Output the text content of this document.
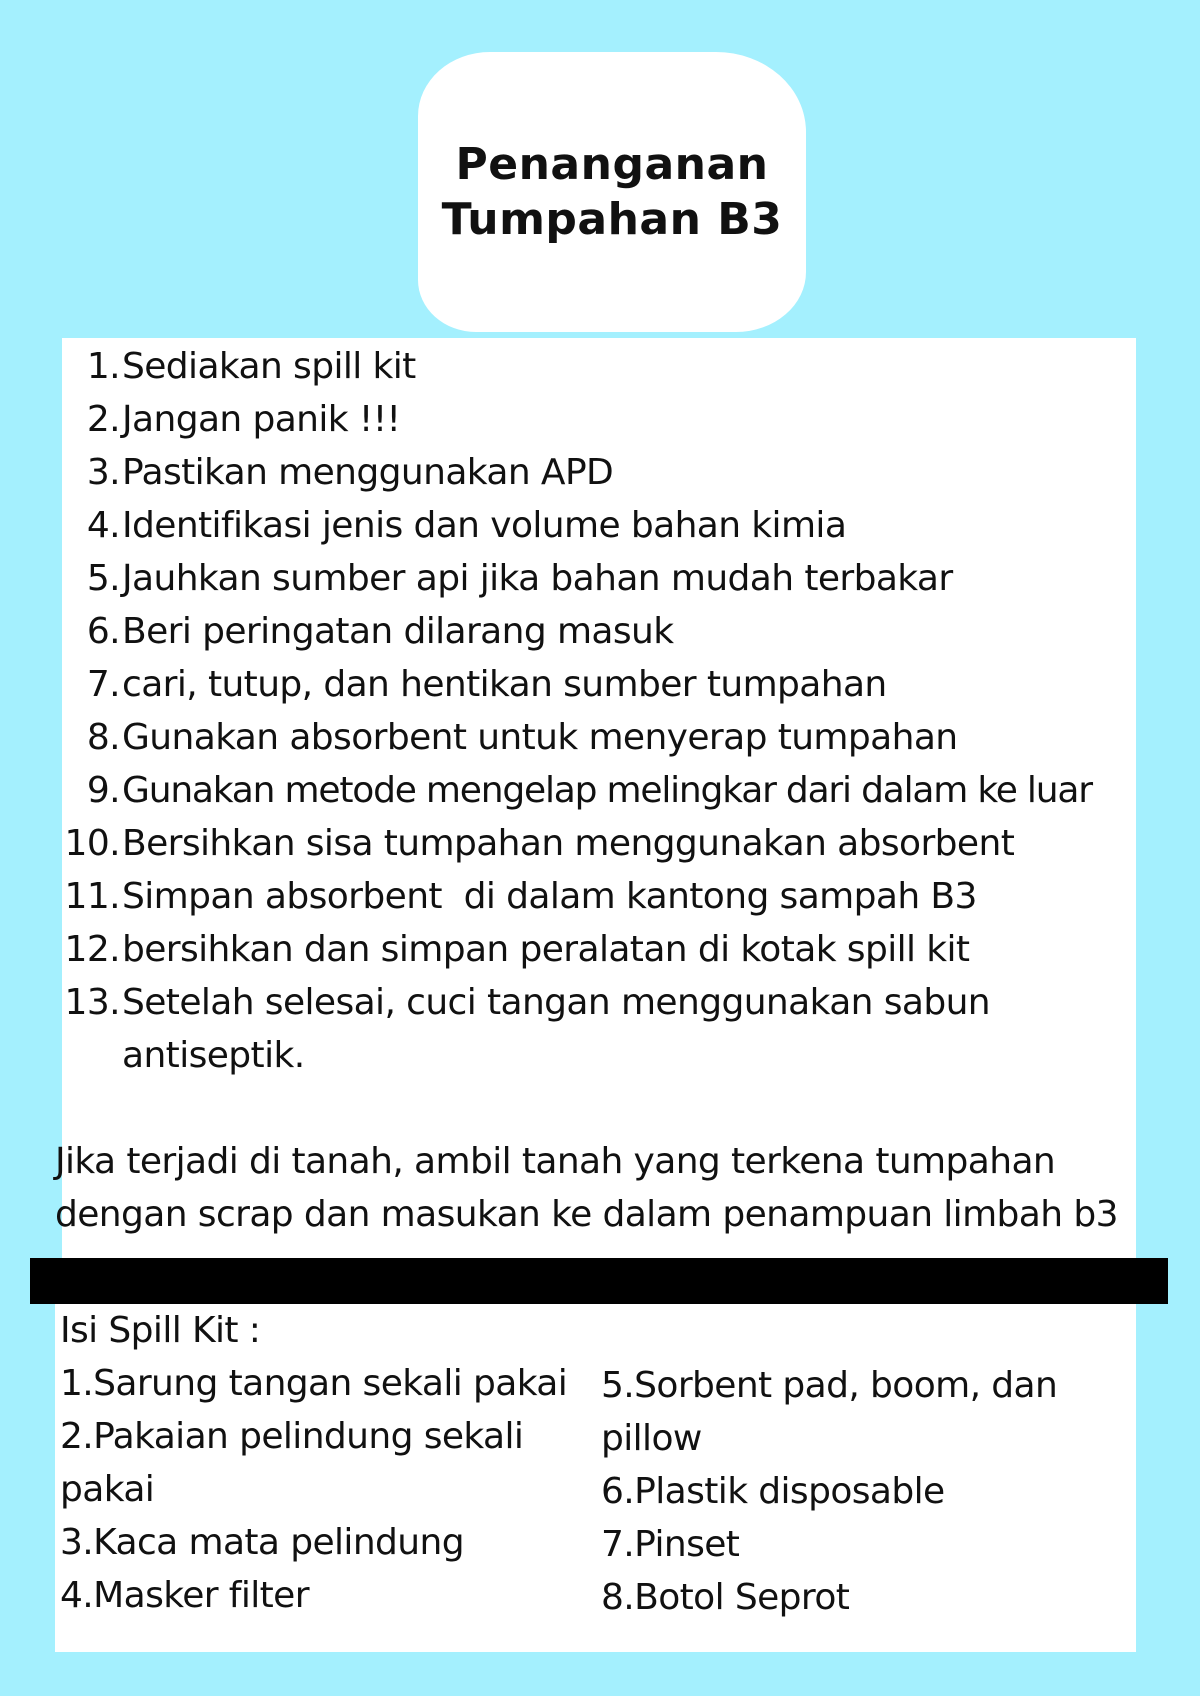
Penanganan
Tumpahan B3
1. Sediakan spill kit
2. Jangan panik !!!
3. Pastikan menggunakan APD
4. Identifikasi jenis dan volume bahan kimia
5. Jauhkan sumber api jika bahan mudah terbakar
6. Beri peringatan dilarang masuk
7. cari, tutup, dan hentikan sumber tumpahan
8. Gunakan absorbent untuk menyerap tumpahan
9. Gunakan metode mengelap melingkar dari dalam ke luar
10. Bersihkan sisa tumpahan menggunakan absorbent
11. Simpan absorbent  di dalam kantong sampah B3
12. bersihkan dan simpan peralatan di kotak spill kit
13. Setelah selesai, cuci tangan menggunakan sabun antiseptik.
Jika terjadi di tanah, ambil tanah yang terkena tumpahan dengan scrap dan masukan ke dalam penampuan limbah b3
Isi Spill Kit :
1.Sarung tangan sekali pakai
2.Pakaian pelindung sekali pakai
3.Kaca mata pelindung
4.Masker filter
5.Sorbent pad, boom, dan pillow
6.Plastik disposable
7.Pinset
8.Botol Seprot
